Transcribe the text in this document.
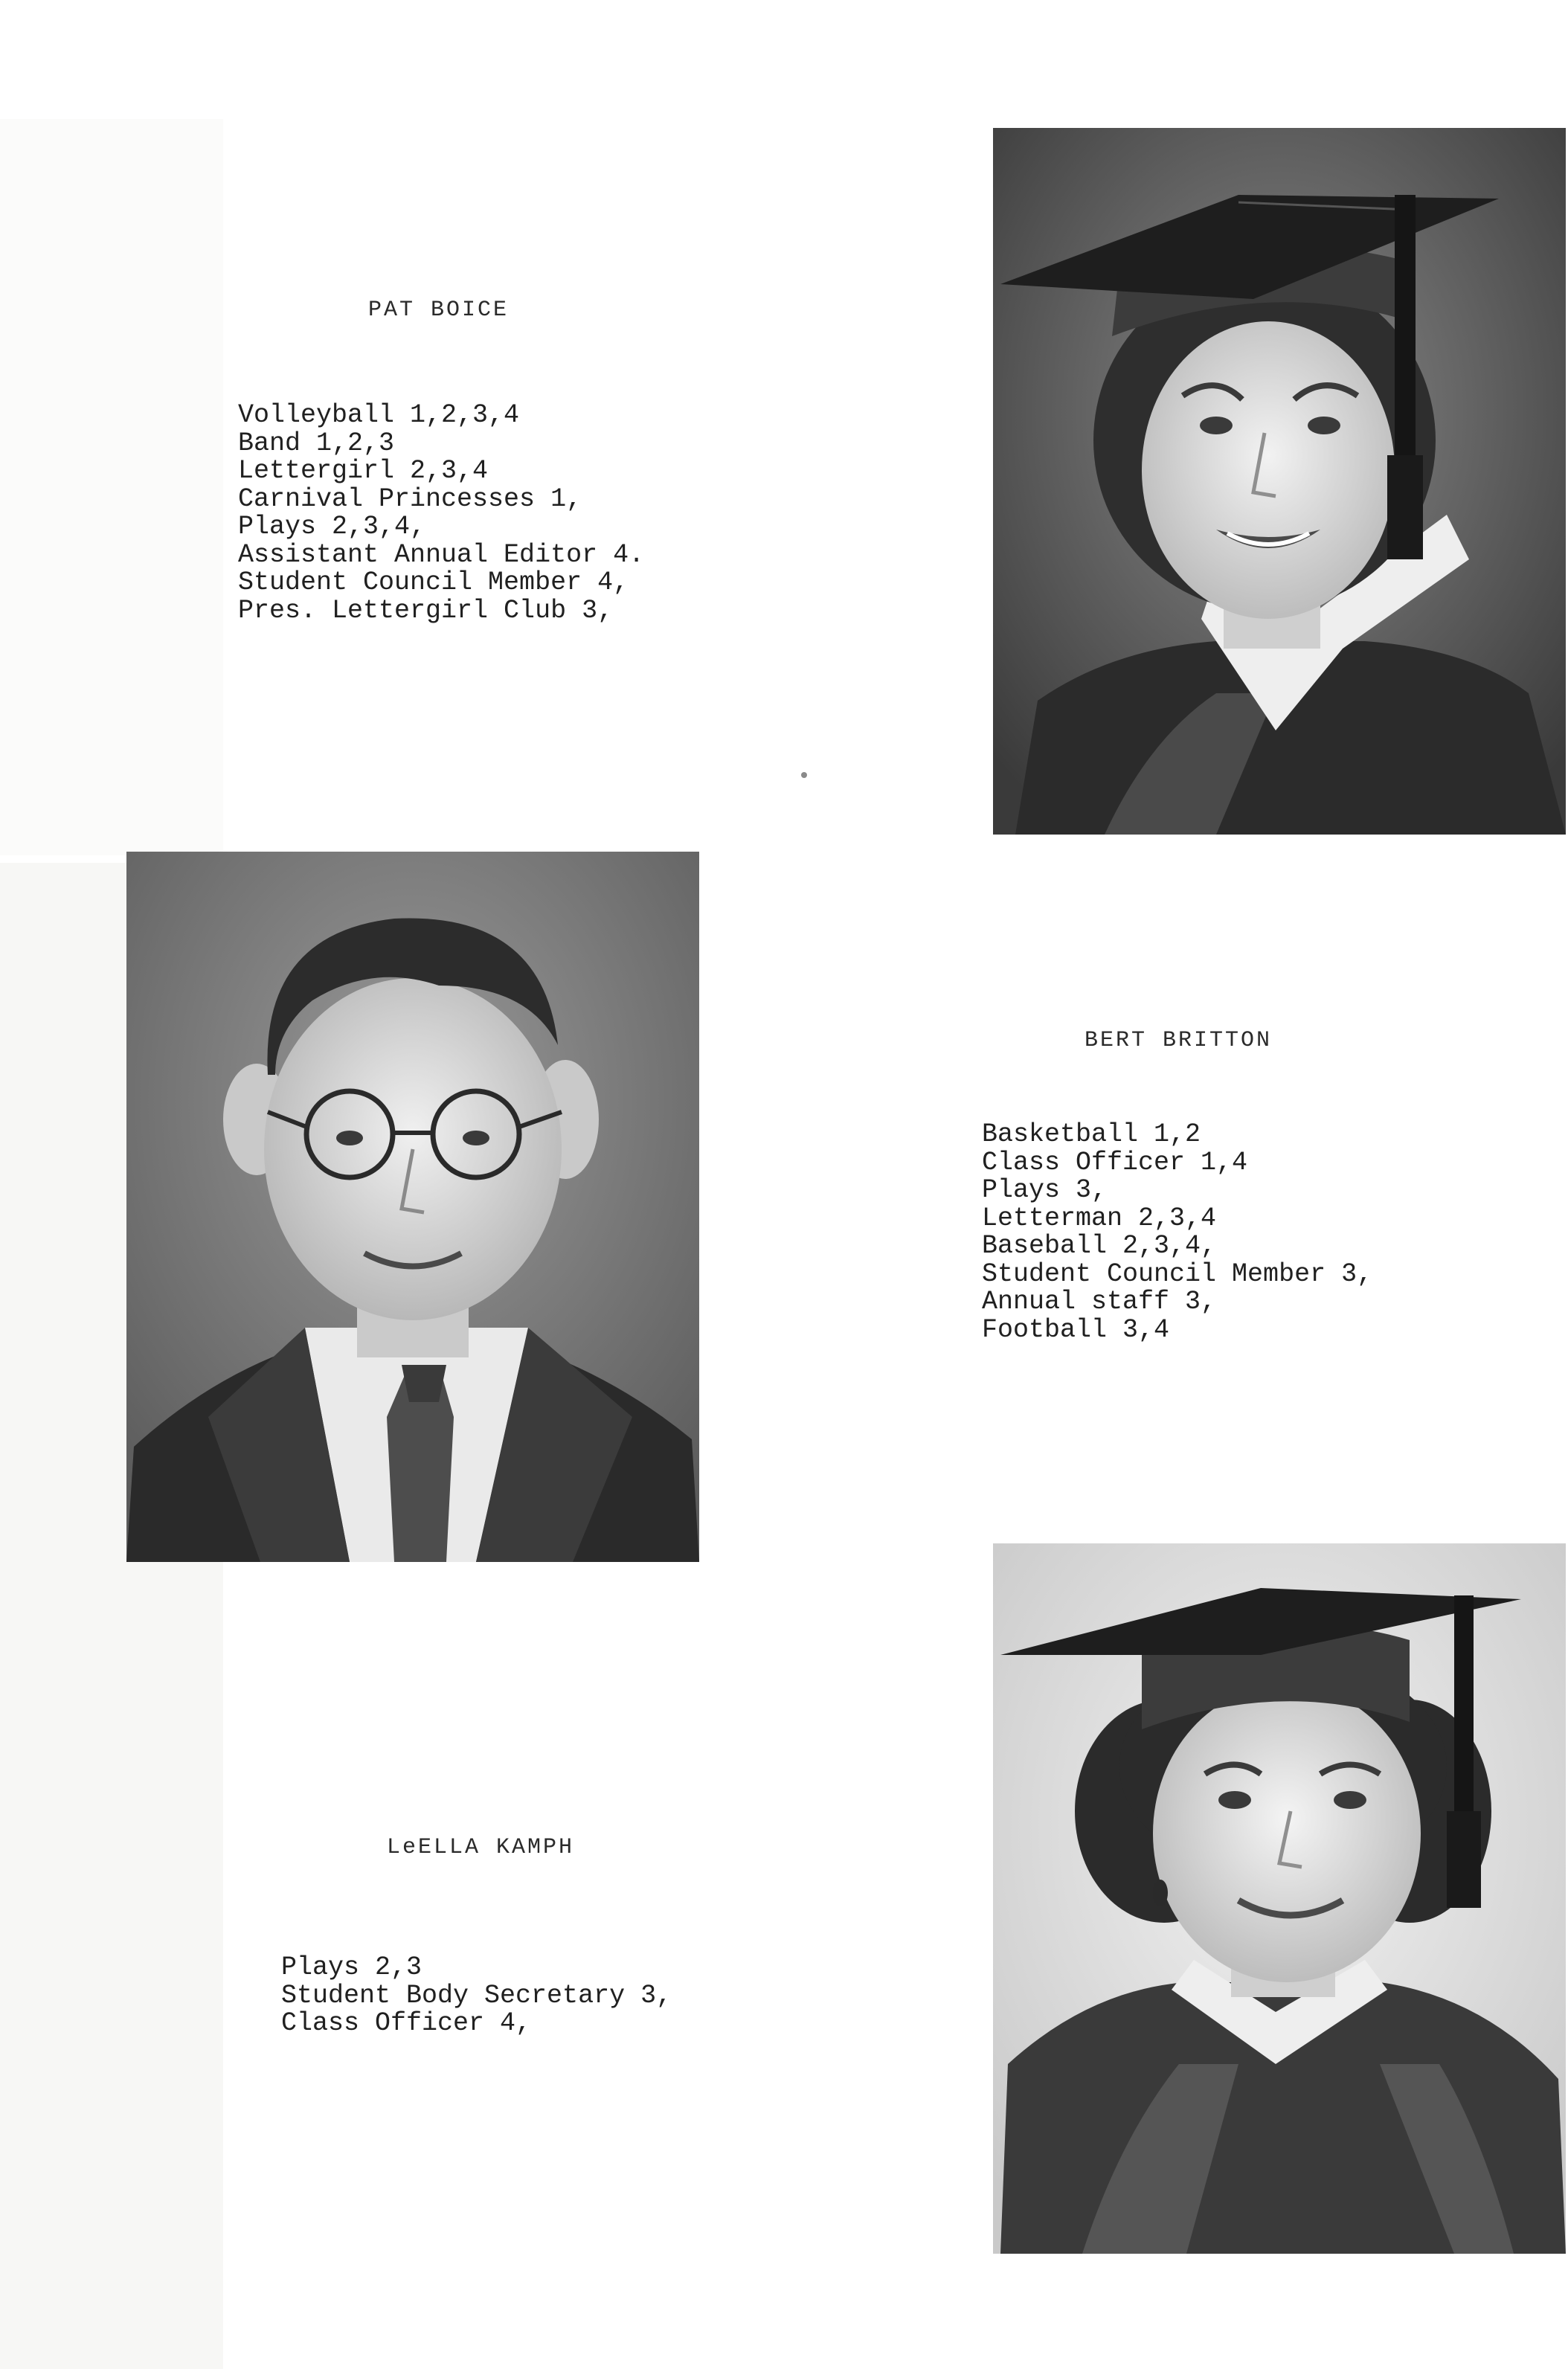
PAT BOICE
Volleyball 1,2,3,4
Band 1,2,3
Lettergirl 2,3,4
Carnival Princesses 1,
Plays 2,3,4,
Assistant Annual Editor 4.
Student Council Member 4,
Pres. Lettergirl Club 3,
BERT BRITTON
Basketball 1,2
Class Officer 1,4
Plays 3,
Letterman 2,3,4
Baseball 2,3,4,
Student Council Member 3,
Annual staff 3,
Football 3,4
LeELLA KAMPH
Plays 2,3
Student Body Secretary 3,
Class Officer 4,
